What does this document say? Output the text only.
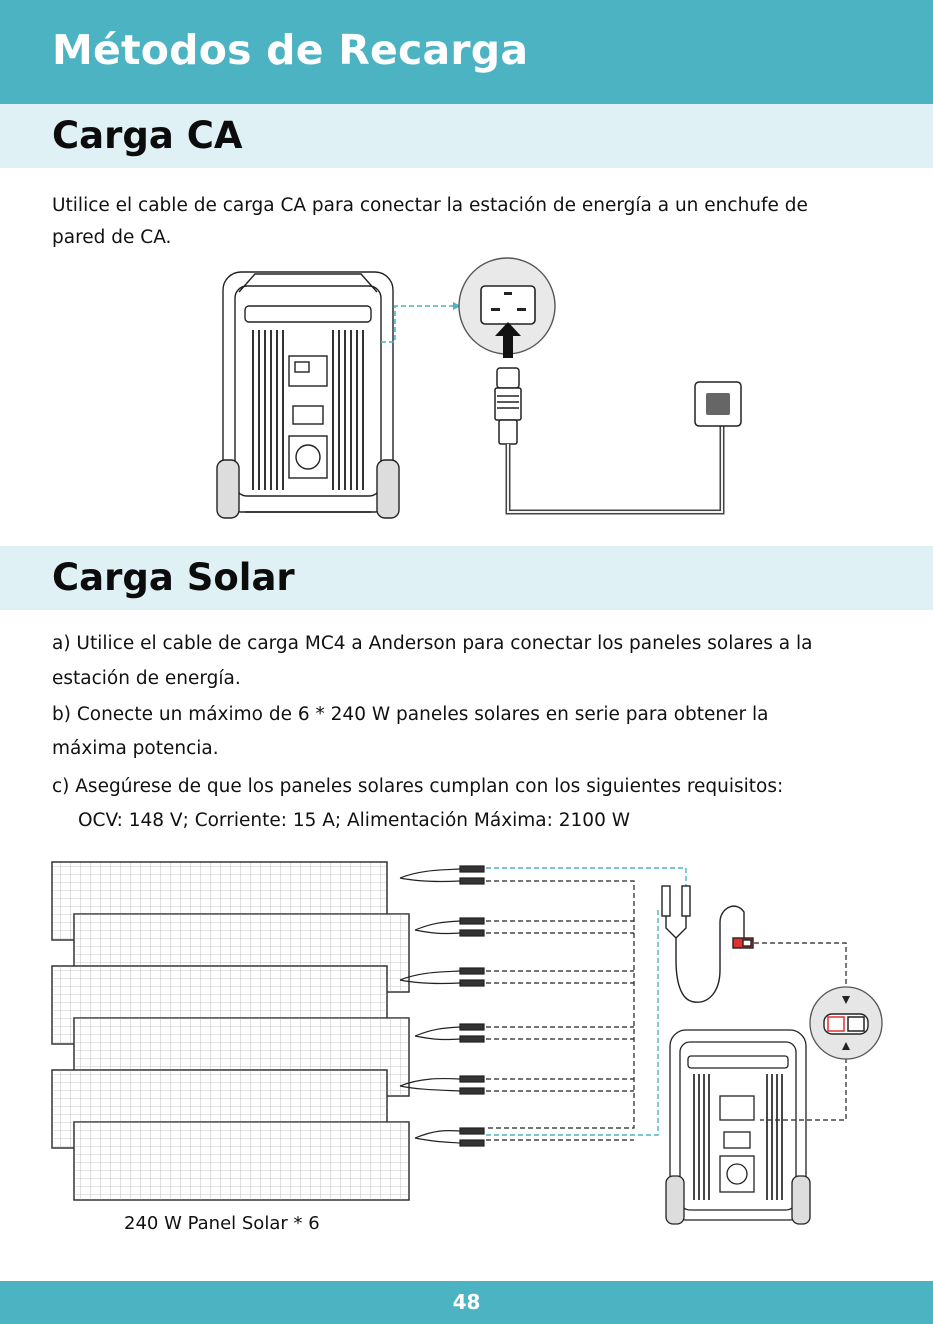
Métodos de Recarga
Carga CA

Utilice el cable de carga CA para conectar la estación de energía a un enchufe de

pared de CA.

Carga Solar

a) Utilice el cable de carga MC4 a Anderson para conectar los paneles solares a la

estación de energía.

b) Conecte un máximo de 6 * 240 W paneles solares en serie para obtener la

máxima potencia.

c) Asegúrese de que los paneles solares cumplan con los siguientes requisitos:

OCV: 148 V; Corriente: 15 A; Alimentación Máxima: 2100 W

240 W Panel Solar * 6
48
